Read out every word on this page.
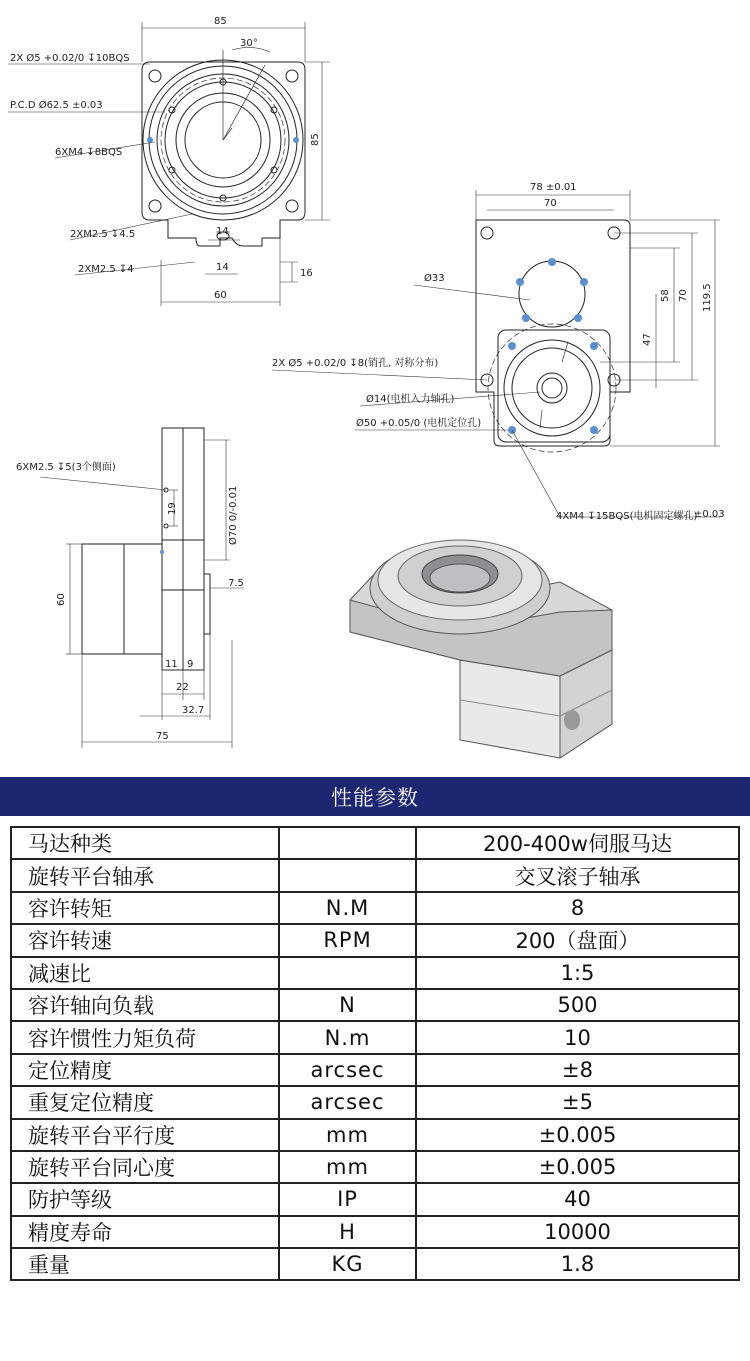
85
30°
85
2X Ø5 +0.02/0 ↧10BQS
P.C.D Ø62.5 ±0.03
6XM4 ↧8BQS
2XM2.5 ↧4.5
2XM2.5 ↧4
14
14
16
60
78 ±0.01
70
58 70 119.5
47
Ø33
2X Ø5 +0.02/0 ↧8(销孔, 对称分布)
Ø14(电机入力轴孔)
Ø50 +0.05/0 (电机定位孔)
4XM4 ↧15BQS(电机固定螺孔)
±0.03
6XM2.5 ↧5(3个侧面)
19	Ø70 0/-0.01
7.5
60
11 9
22
32.7
75
性能参数
马达种类		200-400w伺服马达
旋转平台轴承		交叉滚子轴承
容许转矩	N.M	8
容许转速	RPM	200（盘面）
减速比		1:5
容许轴向负载	N	500
容许惯性力矩负荷	N.m	10
定位精度	arcsec	±8
重复定位精度	arcsec	±5
旋转平台平行度	mm	±0.005
旋转平台同心度	mm	±0.005
防护等级	IP	40
精度寿命	H	10000
重量	KG	1.8
